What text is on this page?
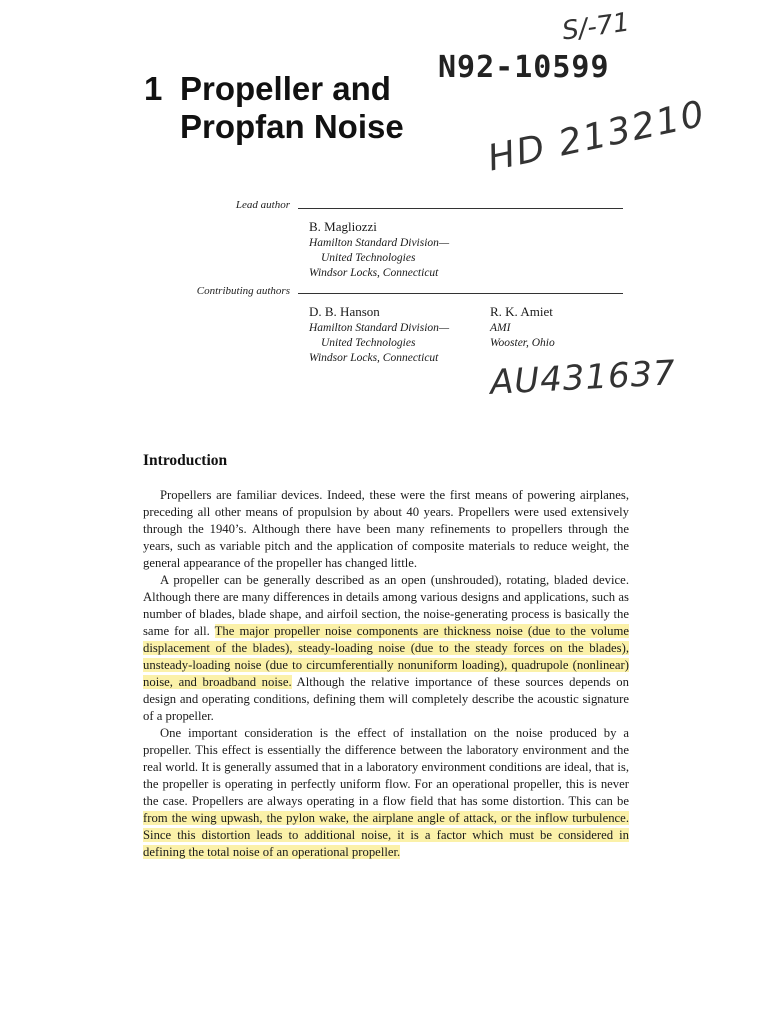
S/-71
N92-10599
HD 213210
1 Propeller and
Propfan Noise
Lead author
B. Magliozzi
Hamilton Standard Division—
United Technologies
Windsor Locks, Connecticut
Contributing authors
D. B. Hanson
Hamilton Standard Division—
United Technologies
Windsor Locks, Connecticut
R. K. Amiet
AMI
Wooster, Ohio
AU431637
Introduction

Propellers are familiar devices. Indeed, these were the first means of powering airplanes, preceding all other means of propulsion by about 40 years. Propellers were used extensively through the 1940’s. Although there have been many refinements to propellers through the years, such as variable pitch and the application of composite materials to reduce weight, the general appearance of the propeller has changed little.

A propeller can be generally described as an open (unshrouded), rotating, bladed device. Although there are many differences in details among various designs and applications, such as number of blades, blade shape, and airfoil section, the noise-generating process is basically the same for all. The major propeller noise components are thickness noise (due to the volume displacement of the blades), steady-loading noise (due to the steady forces on the blades), unsteady-loading noise (due to circumferentially nonuniform loading), quadrupole (nonlinear) noise, and broadband noise. Although the relative importance of these sources depends on design and operating conditions, defining them will completely describe the acoustic signature of a propeller.

One important consideration is the effect of installation on the noise produced by a propeller. This effect is essentially the difference between the laboratory environment and the real world. It is generally assumed that in a laboratory environment conditions are ideal, that is, the propeller is operating in perfectly uniform flow. For an operational propeller, this is never the case. Propellers are always operating in a flow field that has some distortion. This can be from the wing upwash, the pylon wake, the airplane angle of attack, or the inflow turbulence. Since this distortion leads to additional noise, it is a factor which must be considered in defining the total noise of an operational propeller.
